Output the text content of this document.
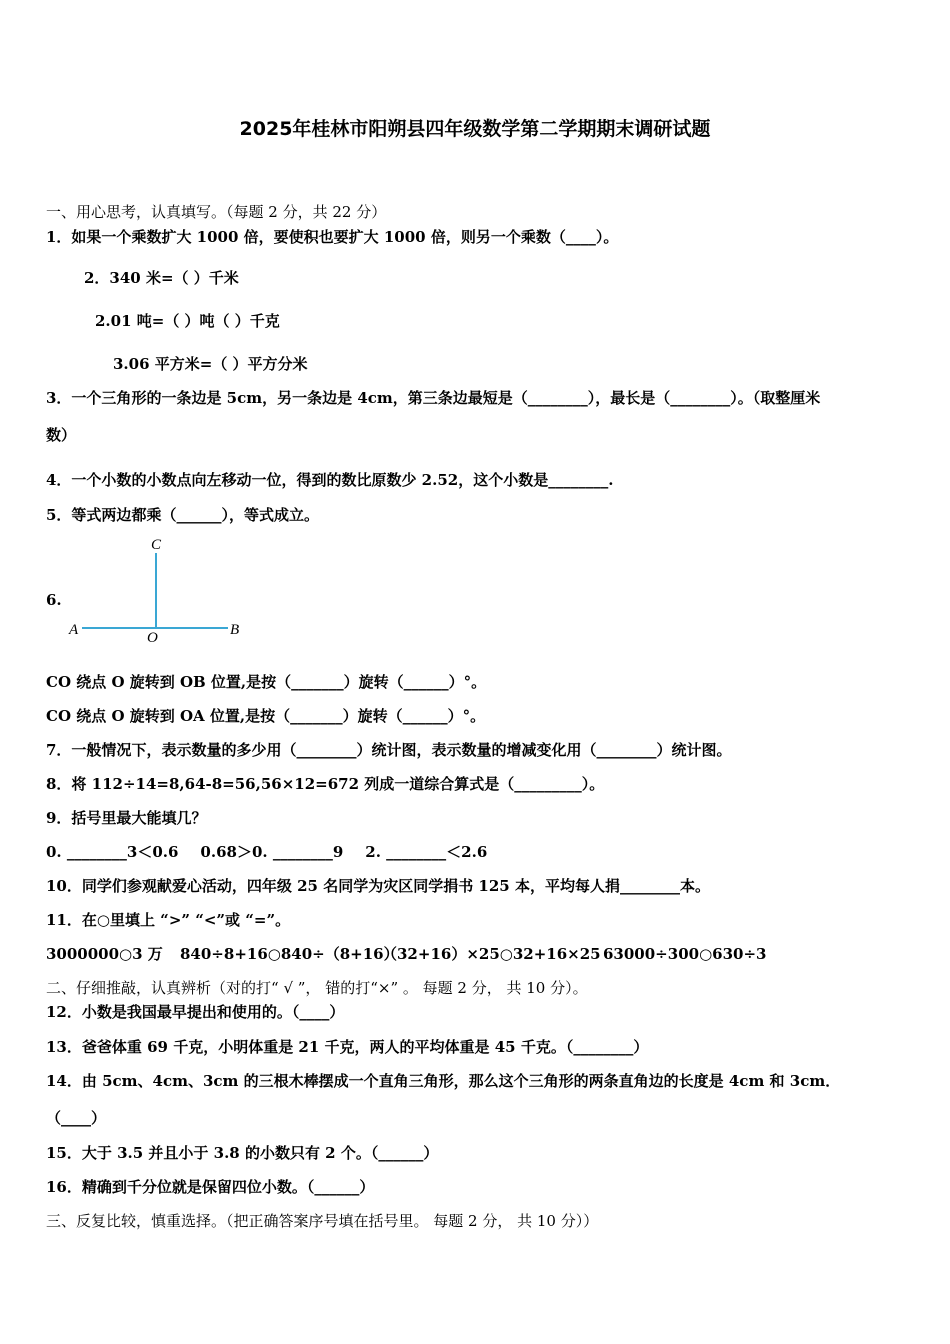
2025年桂林市阳朔县四年级数学第二学期期末调研试题
一、用心思考，认真填写。（每题 2 分，共 22 分）
1．如果一个乘数扩大 1000 倍，要使积也要扩大 1000 倍，则另一个乘数（____）。
2．340 米=（ ）千米
2.01 吨=（ ）吨（ ）千克
3.06 平方米=（ ）平方分米
3．一个三角形的一条边是 5cm，另一条边是 4cm，第三条边最短是（________），最长是（________）。（取整厘米
数）
4．一个小数的小数点向左移动一位，得到的数比原数少 2.52，这个小数是________.
5．等式两边都乘（______），等式成立。
6.
C
A	O	B
CO 绕点 O 旋转到 OB 位置,是按（_______）旋转（______）°。
CO 绕点 O 旋转到 OA 位置,是按（_______）旋转（______）°。
7．一般情况下，表示数量的多少用（________）统计图，表示数量的增减变化用（________）统计图。
8．将 112÷14=8,64-8=56,56×12=672 列成一道综合算式是（_________）。
9．括号里最大能填几？
0. ________3＜0.6 0.68＞0. ________9 2. ________＜2.6
10．同学们参观献爱心活动，四年级 25 名同学为灾区同学捐书 125 本，平均每人捐________本。
11．在○里填上 “>” “<”或 “=”。
3000000○3 万 840÷8+16○840÷（8+16）
（32+16）×25○32+16×25 63000÷300○630÷3
二、仔细推敲，认真辨析（对的打“ √ ”， 错的打“×” 。 每题 2 分， 共 10 分）。
12．小数是我国最早提出和使用的。（____）
13．爸爸体重 69 千克，小明体重是 21 千克，两人的平均体重是 45 千克。（________）
14．由 5cm、4cm、3cm 的三根木棒摆成一个直角三角形，那么这个三角形的两条直角边的长度是 4cm 和 3cm．
（____）
15．大于 3.5 并且小于 3.8 的小数只有 2 个。（______）
16．精确到千分位就是保留四位小数。（______）
三、反复比较，慎重选择。（把正确答案序号填在括号里。 每题 2 分， 共 10 分））
